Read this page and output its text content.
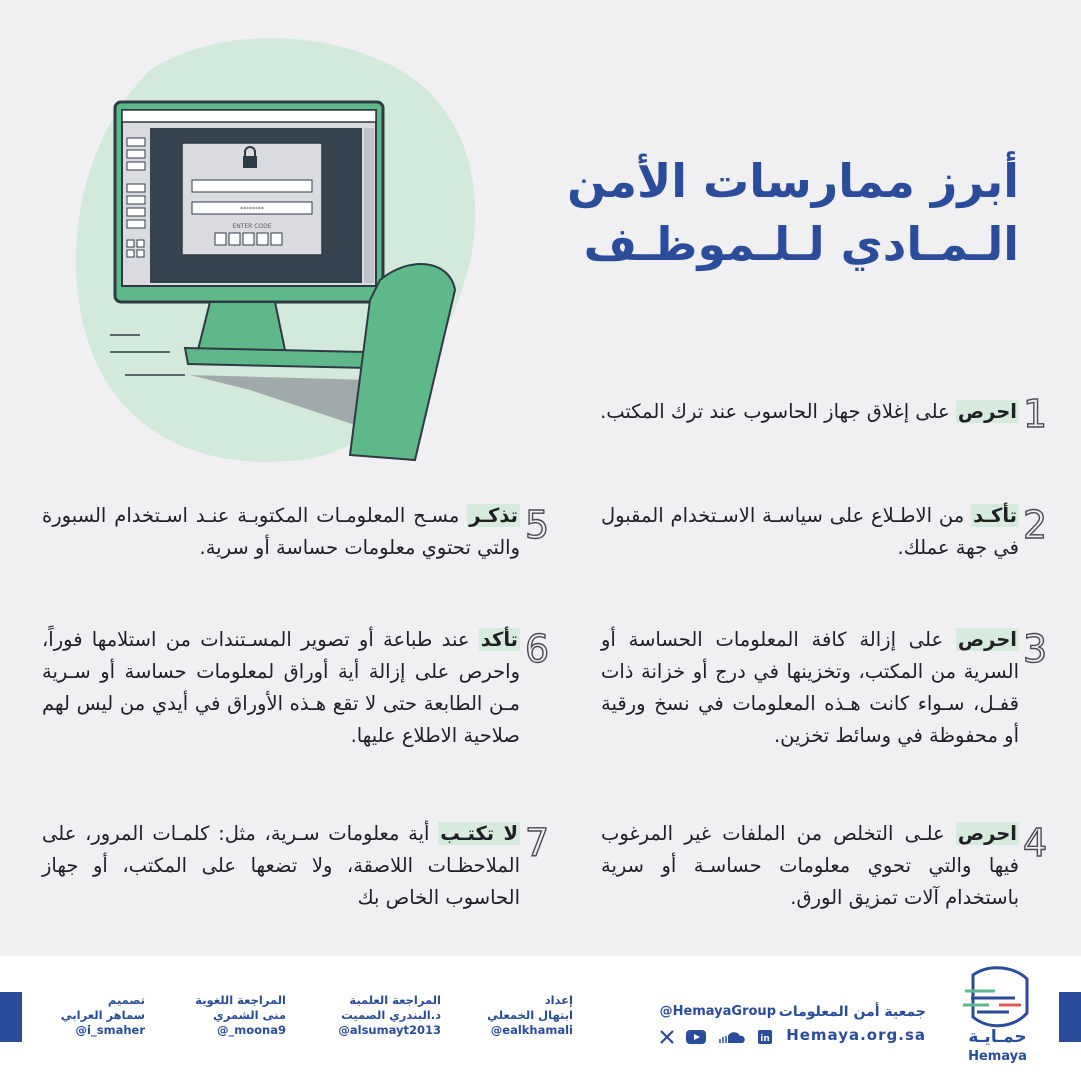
********
ENTER CODE
أبرز ممارسات الأمن
الـمـادي لـلـموظـف
1
احرص على إغلاق جهاز الحاسوب عند ترك المكتب.
2
تأكـد من الاطـلاع على سياسـة الاسـتخدام المقبول في جهة عملك.
3
احرص على إزالة كافة المعلومات الحساسة أو السرية من المكتب، وتخزينها في درج أو خزانة ذات قفـل، سـواء كانت هـذه المعلومات في نسخ ورقية أو محفوظة في وسائط تخزين.
4
احرص علـى التخلص من الملفات غير المرغوب فيها والتي تحوي معلومات حساسـة أو سرية باستخدام آلات تمزيق الورق.
5
تذكـر مسـح المعلومـات المكتوبـة عنـد اسـتخدام السبورة والتي تحتوي معلومات حساسة أو سرية.
6
تأكد عند طباعة أو تصوير المسـتندات من استلامها فوراً، واحرص على إزالة أية أوراق لمعلومات حساسة أو سـرية مـن الطابعة حتى لا تقع هـذه الأوراق في أيدي من ليس لهم صلاحية الاطلاع عليها.
7
لا تكتـب أية معلومات سـرية، مثل: كلمـات المرور، على الملاحظـات اللاصقة، ولا تضعها على المكتب، أو جهاز الحاسوب الخاص بك
حمـايـة
Hemaya
جمعية أمن المعلومات
Hemaya.org.sa
@HemayaGroup
in
إعداد
ابتهال الخمعلي
@ealkhamali
المراجعة العلمية
د.البندري الصميت
@alsumayt2013
المراجعة اللغوية
منى الشمري
@_moona9
تصميم
سماهر العرابي
@i_smaher
